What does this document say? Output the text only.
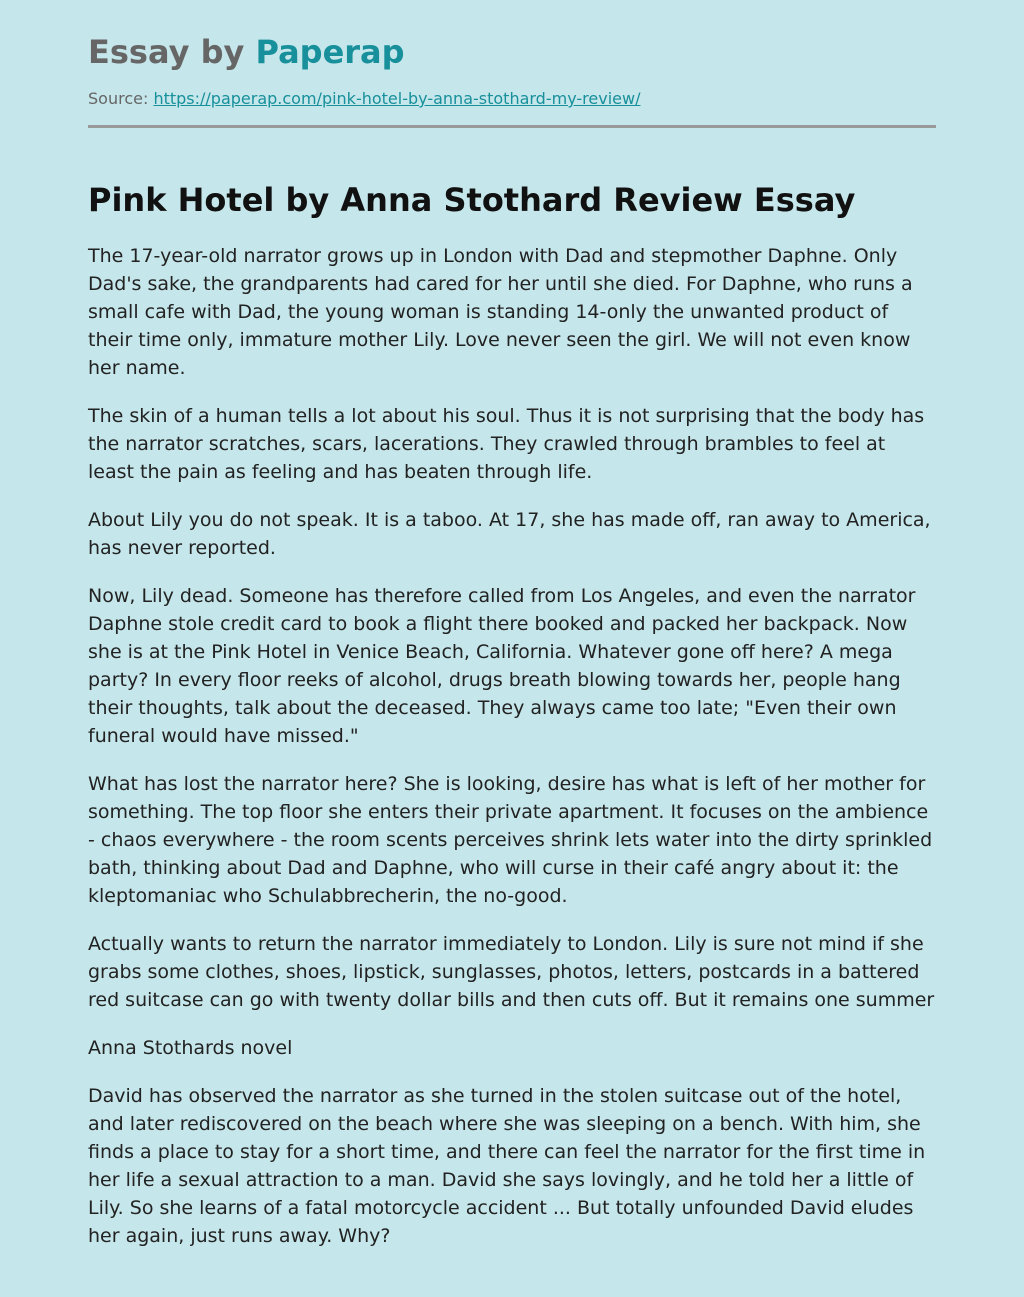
Essay by Paperap
Source: https://paperap.com/pink-hotel-by-anna-stothard-my-review/
Pink Hotel by Anna Stothard Review Essay

The 17-year-old narrator grows up in London with Dad and stepmother Daphne. Only Dad's sake, the grandparents had cared for her until she died. For Daphne, who runs a small cafe with Dad, the young woman is standing 14-only the unwanted product of their time only, immature mother Lily. Love never seen the girl. We will not even know her name.

The skin of a human tells a lot about his soul. Thus it is not surprising that the body has the narrator scratches, scars, lacerations. They crawled through brambles to feel at least the pain as feeling and has beaten through life.

About Lily you do not speak. It is a taboo. At 17, she has made off, ran away to America, has never reported.

Now, Lily dead. Someone has therefore called from Los Angeles, and even the narrator Daphne stole credit card to book a flight there booked and packed her backpack. Now she is at the Pink Hotel in Venice Beach, California. Whatever gone off here? A mega party? In every floor reeks of alcohol, drugs breath blowing towards her, people hang their thoughts, talk about the deceased. They always came too late; "Even their own funeral would have missed."

What has lost the narrator here? She is looking, desire has what is left of her mother for something. The top floor she enters their private apartment. It focuses on the ambience - chaos everywhere - the room scents perceives shrink lets water into the dirty sprinkled bath, thinking about Dad and Daphne, who will curse in their café angry about it: the kleptomaniac who Schulabbrecherin, the no-good.

Actually wants to return the narrator immediately to London. Lily is sure not mind if she grabs some clothes, shoes, lipstick, sunglasses, photos, letters, postcards in a battered red suitcase can go with twenty dollar bills and then cuts off. But it remains one summer

Anna Stothards novel

David has observed the narrator as she turned in the stolen suitcase out of the hotel, and later rediscovered on the beach where she was sleeping on a bench. With him, she finds a place to stay for a short time, and there can feel the narrator for the first time in her life a sexual attraction to a man. David she says lovingly, and he told her a little of Lily. So she learns of a fatal motorcycle accident ... But totally unfounded David eludes her again, just runs away. Why?
